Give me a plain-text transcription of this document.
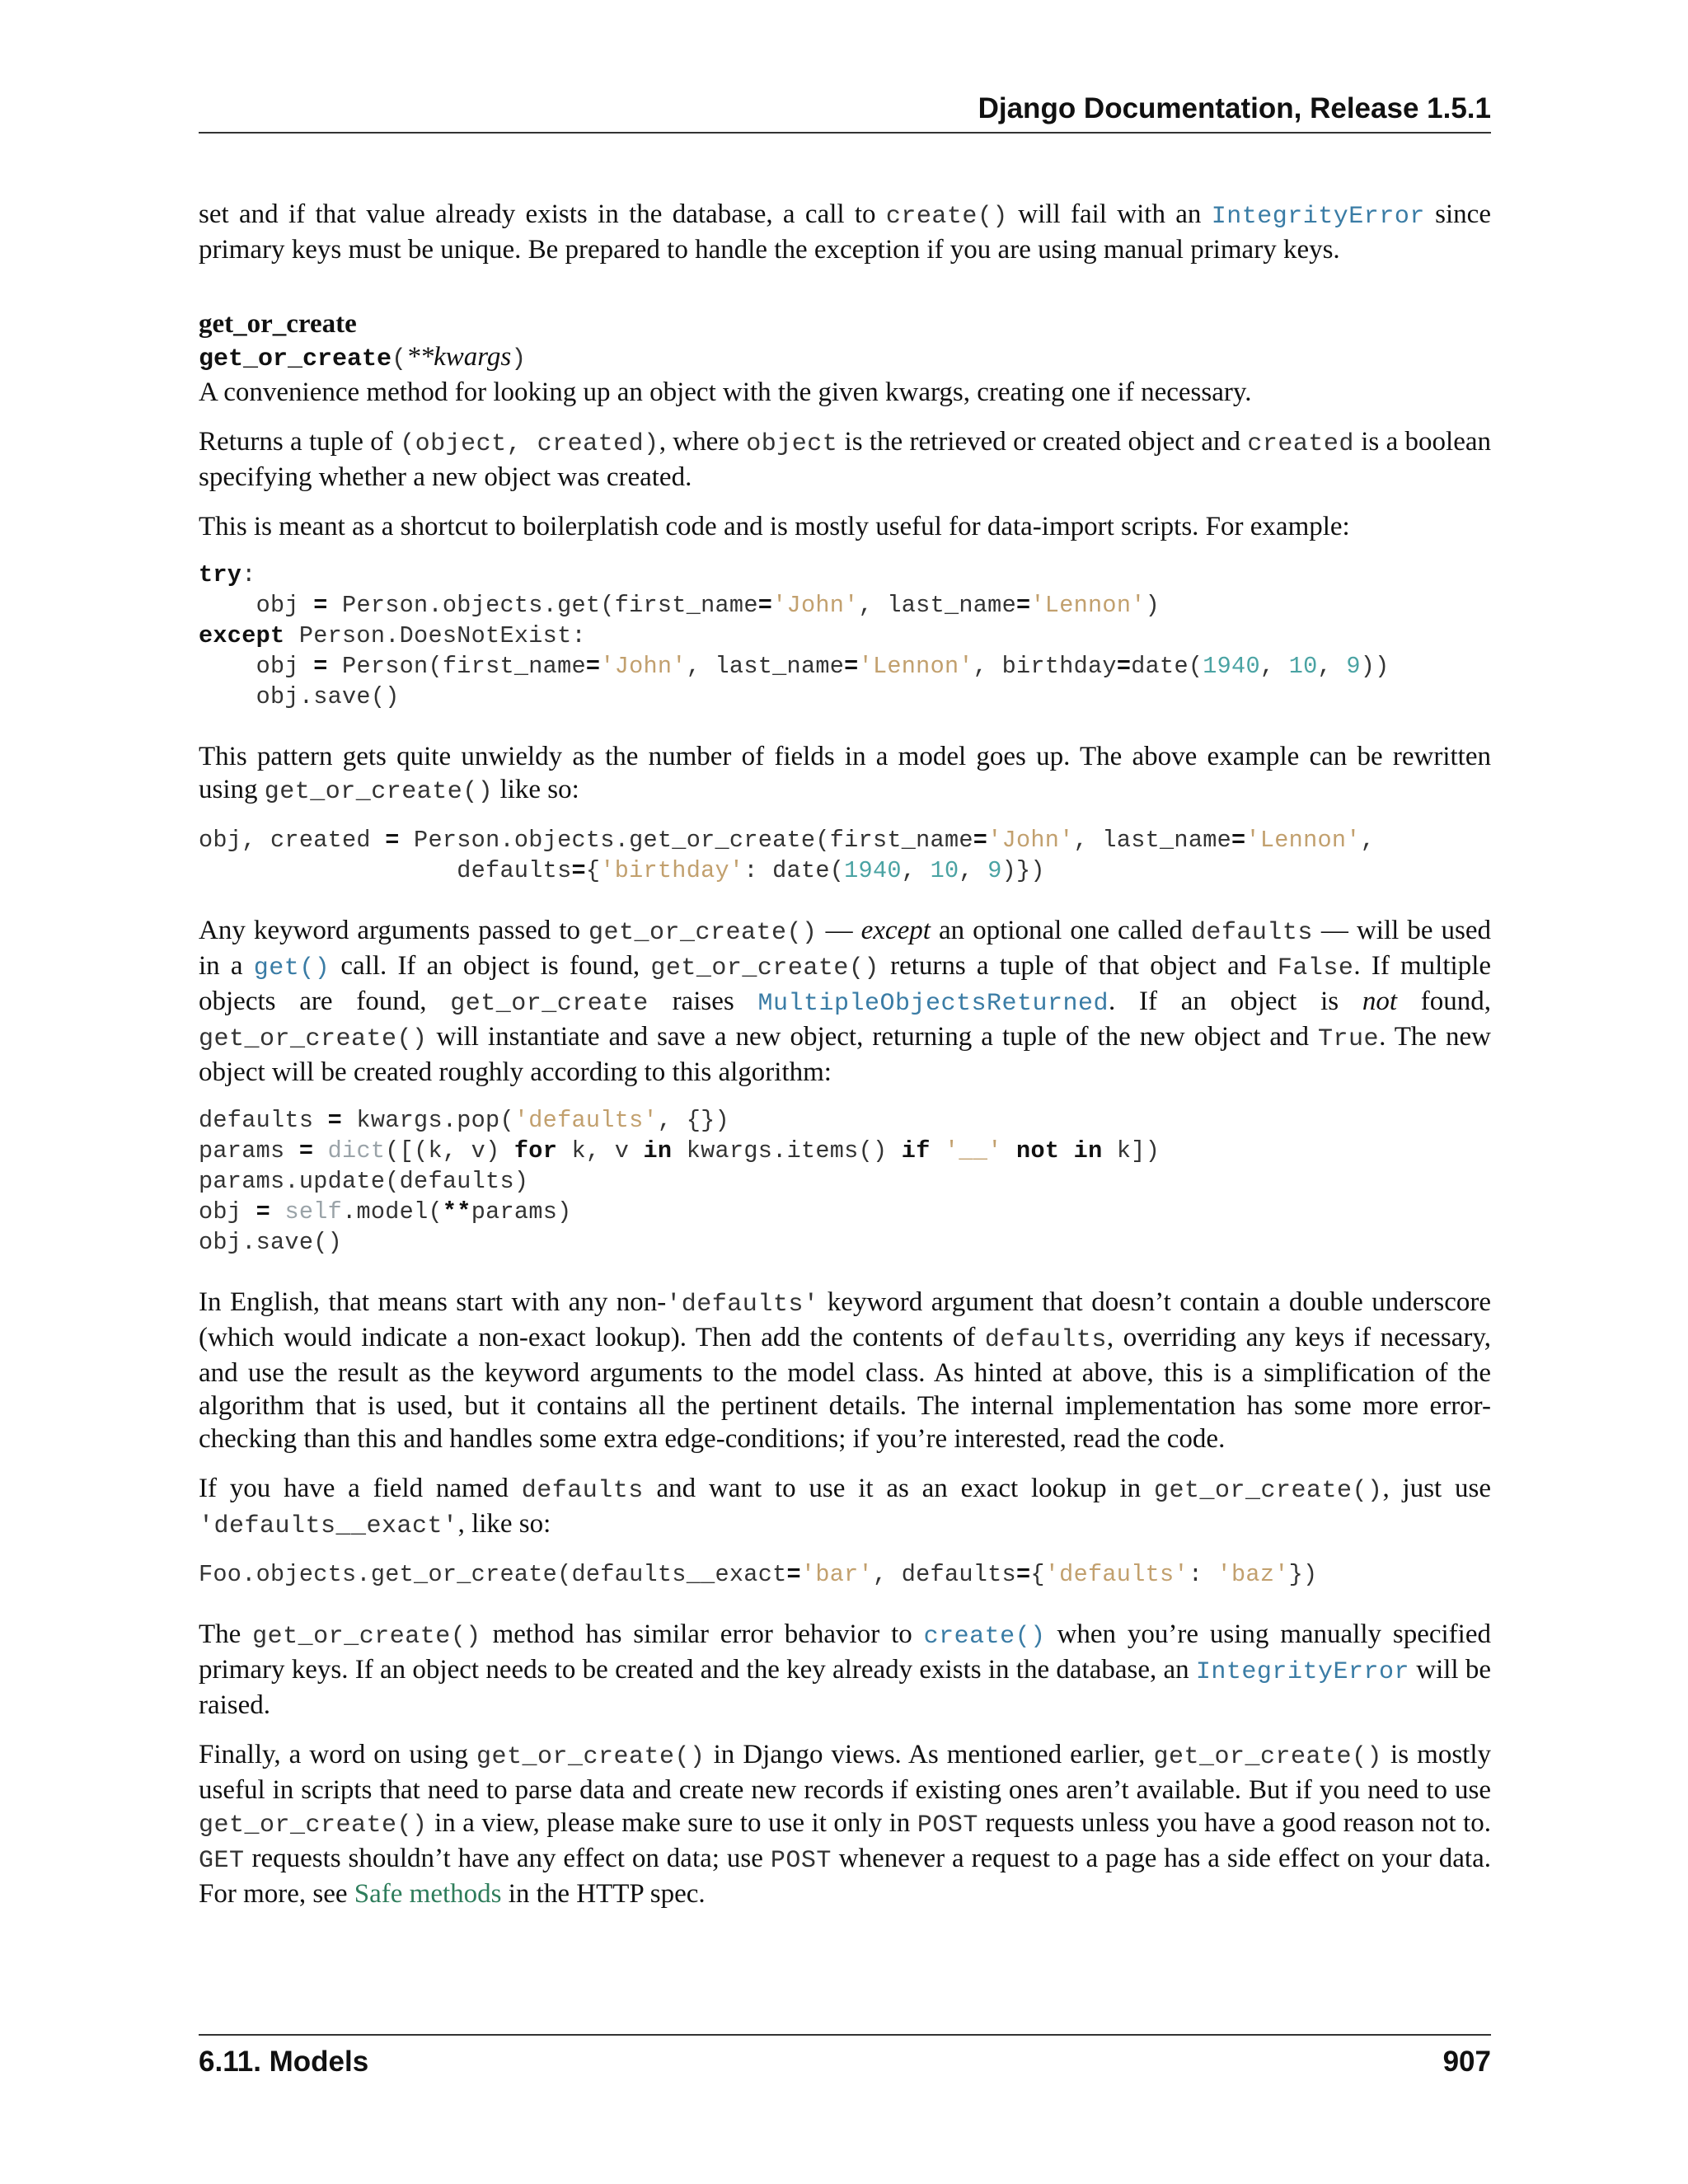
Django Documentation, Release 1.5.1

set and if that value already exists in the database, a call to create() will fail with an IntegrityError since primary keys must be unique. Be prepared to handle the exception if you are using manual primary keys.

get_or_create
get_or_create(**kwargs)

A convenience method for looking up an object with the given kwargs, creating one if necessary.

Returns a tuple of (object, created), where object is the retrieved or created object and created is a boolean specifying whether a new object was created.

This is meant as a shortcut to boilerplatish code and is mostly useful for data-import scripts. For example:

try:
obj = Person.objects.get(first_name='John', last_name='Lennon')
except Person.DoesNotExist:
obj = Person(first_name='John', last_name='Lennon', birthday=date(1940, 10, 9))
obj.save()

This pattern gets quite unwieldy as the number of fields in a model goes up. The above example can be rewritten using get_or_create() like so:

obj, created = Person.objects.get_or_create(first_name='John', last_name='Lennon',
defaults={'birthday': date(1940, 10, 9)})

Any keyword arguments passed to get_or_create() — except an optional one called defaults — will be used in a get() call. If an object is found, get_or_create() returns a tuple of that object and False. If multiple objects are found, get_or_create raises MultipleObjectsReturned. If an object is not found, get_or_create() will instantiate and save a new object, returning a tuple of the new object and True. The new object will be created roughly according to this algorithm:

defaults = kwargs.pop('defaults', {})
params = dict([(k, v) for k, v in kwargs.items() if '__' not in k])
params.update(defaults)
obj = self.model(**params)
obj.save()

In English, that means start with any non-'defaults' keyword argument that doesn’t contain a double underscore (which would indicate a non-exact lookup). Then add the contents of defaults, overriding any keys if necessary, and use the result as the keyword arguments to the model class. As hinted at above, this is a simplification of the algorithm that is used, but it contains all the pertinent details. The internal implementation has some more error-checking than this and handles some extra edge-conditions; if you’re interested, read the code.

If you have a field named defaults and want to use it as an exact lookup in get_or_create(), just use 'defaults__exact', like so:

Foo.objects.get_or_create(defaults__exact='bar', defaults={'defaults': 'baz'})

The get_or_create() method has similar error behavior to create() when you’re using manually specified primary keys. If an object needs to be created and the key already exists in the database, an IntegrityError will be raised.

Finally, a word on using get_or_create() in Django views. As mentioned earlier, get_or_create() is mostly useful in scripts that need to parse data and create new records if existing ones aren’t available. But if you need to use get_or_create() in a view, please make sure to use it only in POST requests unless you have a good reason not to. GET requests shouldn’t have any effect on data; use POST whenever a request to a page has a side effect on your data. For more, see Safe methods in the HTTP spec.

6.11. Models	907
